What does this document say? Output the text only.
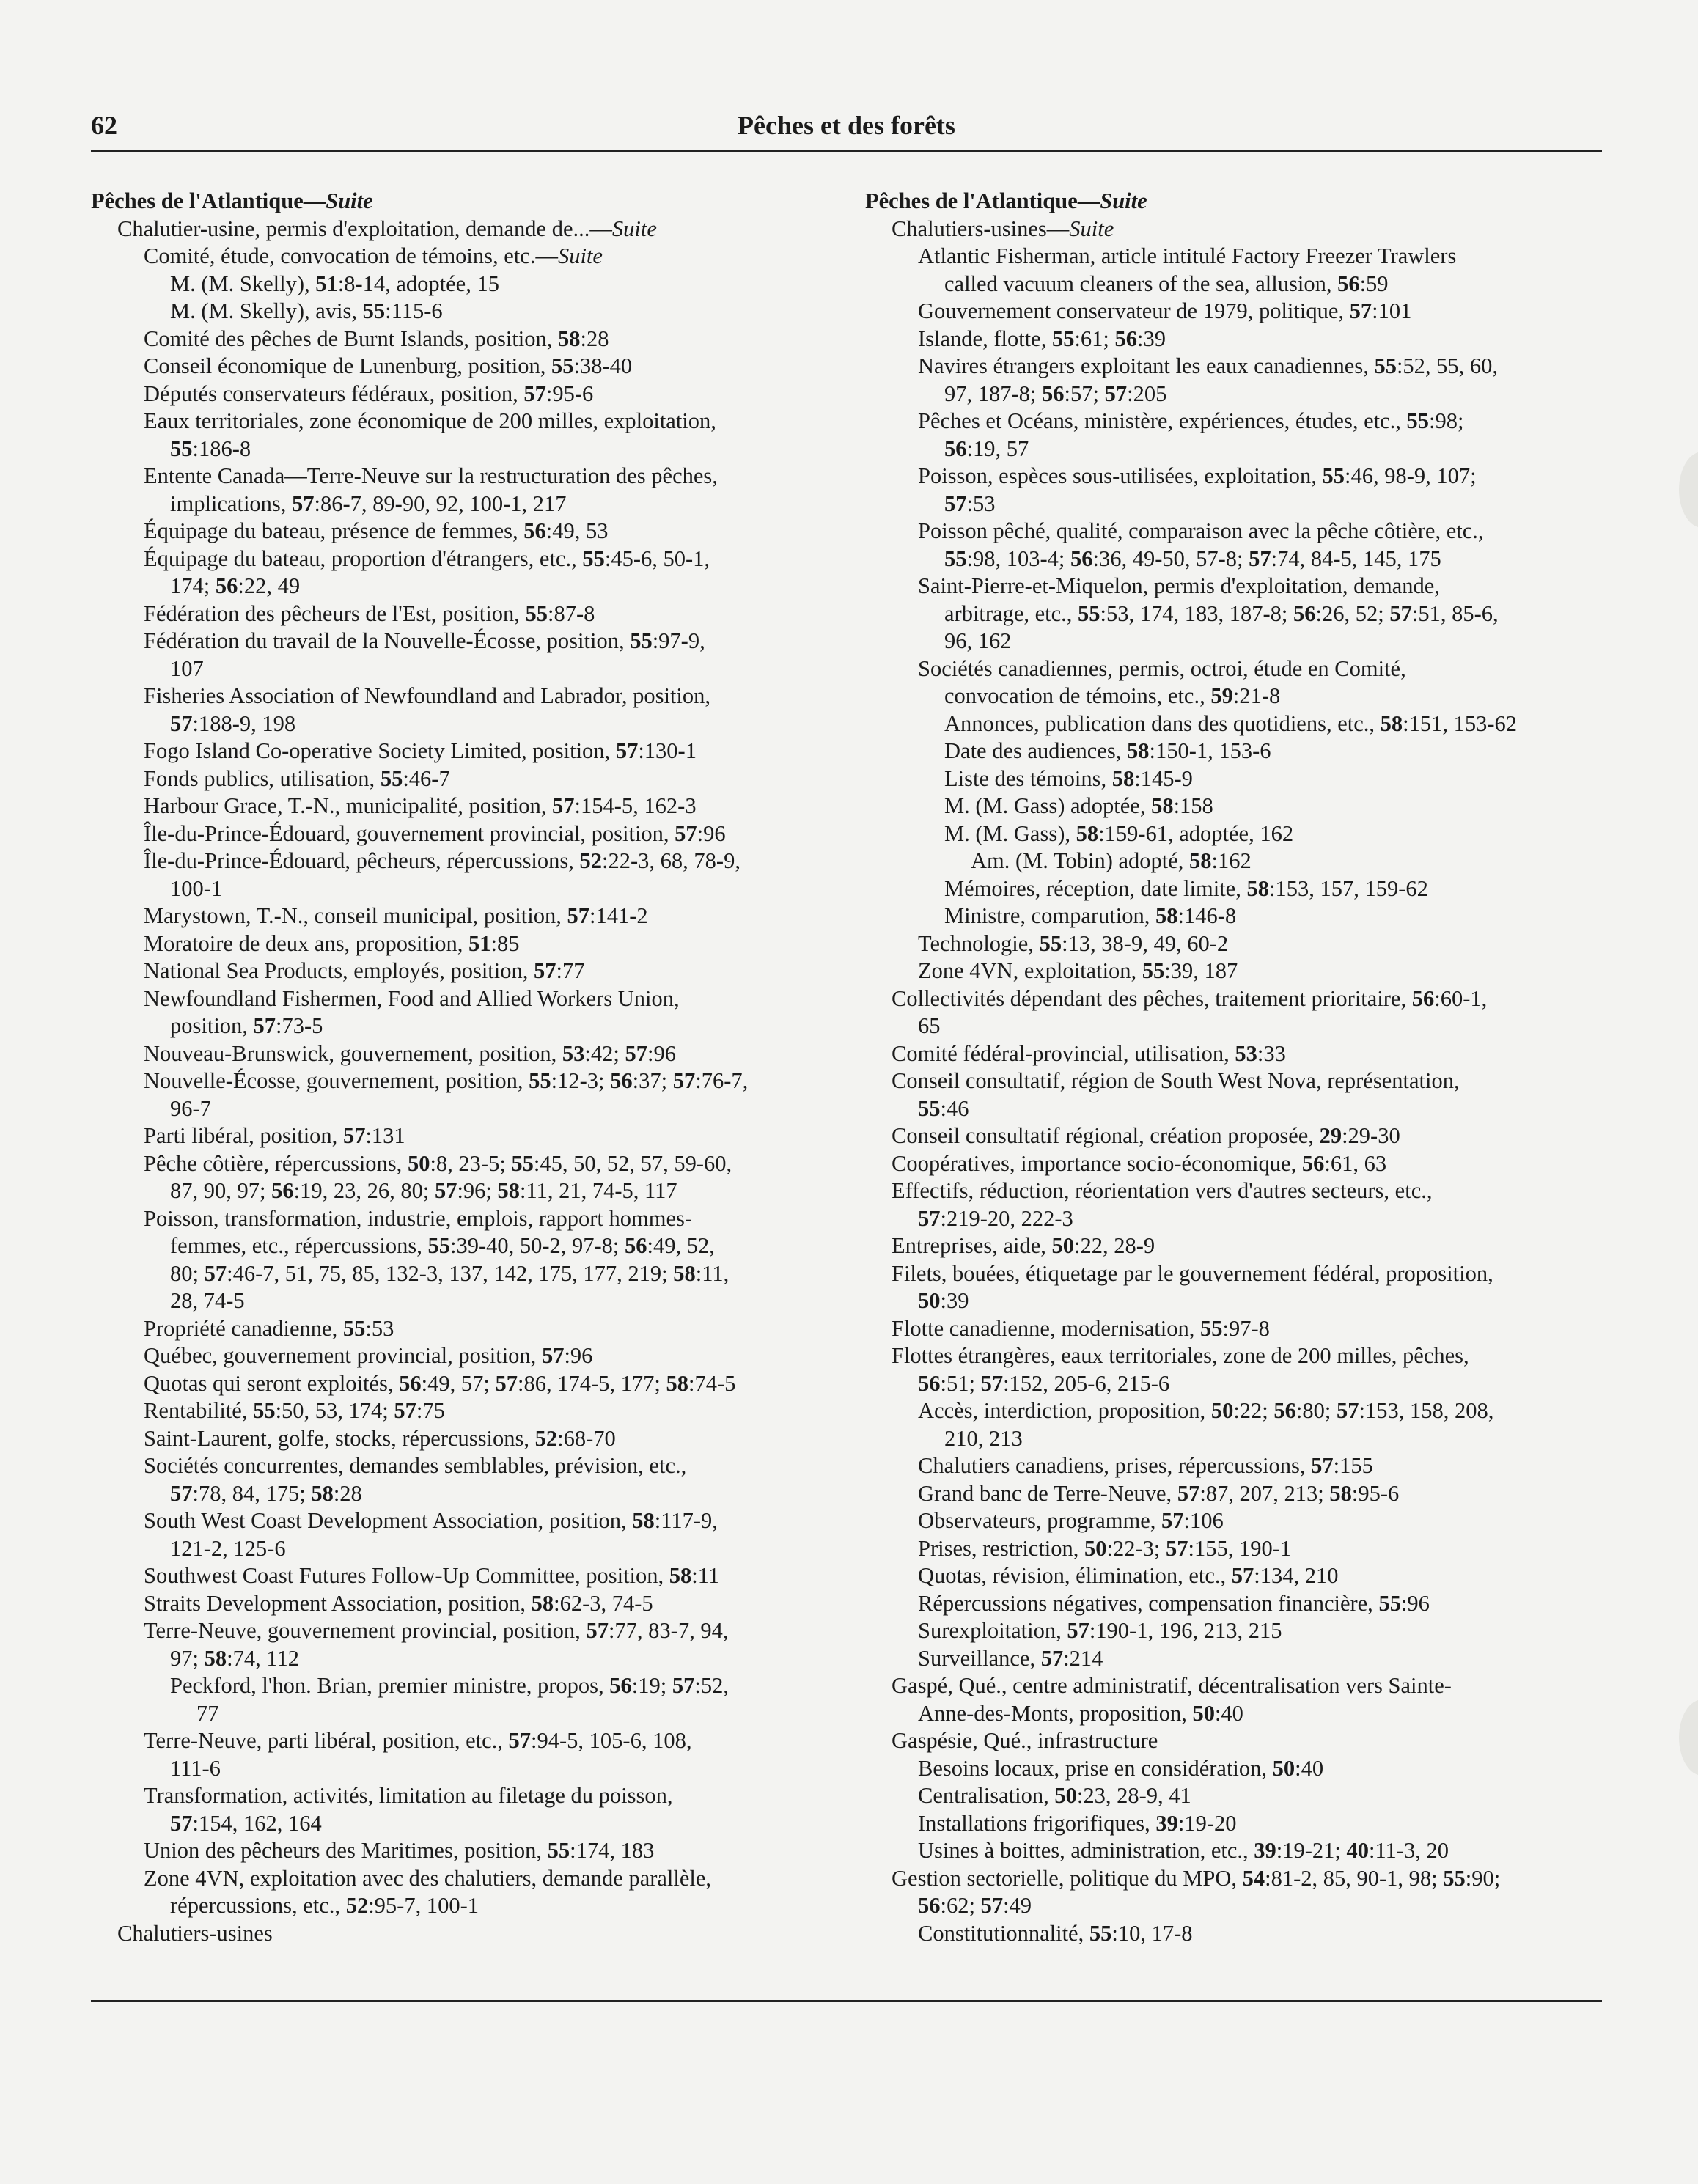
62	Pêches et des forêts
Pêches de l'Atlantique—Suite
Chalutier-usine, permis d'exploitation, demande de...—Suite
Comité, étude, convocation de témoins, etc.—Suite
M. (M. Skelly), 51:8-14, adoptée, 15
M. (M. Skelly), avis, 55:115-6
Comité des pêches de Burnt Islands, position, 58:28
Conseil économique de Lunenburg, position, 55:38-40
Députés conservateurs fédéraux, position, 57:95-6
Eaux territoriales, zone économique de 200 milles, exploitation,
55:186-8
Entente Canada—Terre-Neuve sur la restructuration des pêches,
implications, 57:86-7, 89-90, 92, 100-1, 217
Équipage du bateau, présence de femmes, 56:49, 53
Équipage du bateau, proportion d'étrangers, etc., 55:45-6, 50-1,
174; 56:22, 49
Fédération des pêcheurs de l'Est, position, 55:87-8
Fédération du travail de la Nouvelle-Écosse, position, 55:97-9,
107
Fisheries Association of Newfoundland and Labrador, position,
57:188-9, 198
Fogo Island Co-operative Society Limited, position, 57:130-1
Fonds publics, utilisation, 55:46-7
Harbour Grace, T.-N., municipalité, position, 57:154-5, 162-3
Île-du-Prince-Édouard, gouvernement provincial, position, 57:96
Île-du-Prince-Édouard, pêcheurs, répercussions, 52:22-3, 68, 78-9,
100-1
Marystown, T.-N., conseil municipal, position, 57:141-2
Moratoire de deux ans, proposition, 51:85
National Sea Products, employés, position, 57:77
Newfoundland Fishermen, Food and Allied Workers Union,
position, 57:73-5
Nouveau-Brunswick, gouvernement, position, 53:42; 57:96
Nouvelle-Écosse, gouvernement, position, 55:12-3; 56:37; 57:76-7,
96-7
Parti libéral, position, 57:131
Pêche côtière, répercussions, 50:8, 23-5; 55:45, 50, 52, 57, 59-60,
87, 90, 97; 56:19, 23, 26, 80; 57:96; 58:11, 21, 74-5, 117
Poisson, transformation, industrie, emplois, rapport hommes-
femmes, etc., répercussions, 55:39-40, 50-2, 97-8; 56:49, 52,
80; 57:46-7, 51, 75, 85, 132-3, 137, 142, 175, 177, 219; 58:11,
28, 74-5
Propriété canadienne, 55:53
Québec, gouvernement provincial, position, 57:96
Quotas qui seront exploités, 56:49, 57; 57:86, 174-5, 177; 58:74-5
Rentabilité, 55:50, 53, 174; 57:75
Saint-Laurent, golfe, stocks, répercussions, 52:68-70
Sociétés concurrentes, demandes semblables, prévision, etc.,
57:78, 84, 175; 58:28
South West Coast Development Association, position, 58:117-9,
121-2, 125-6
Southwest Coast Futures Follow-Up Committee, position, 58:11
Straits Development Association, position, 58:62-3, 74-5
Terre-Neuve, gouvernement provincial, position, 57:77, 83-7, 94,
97; 58:74, 112
Peckford, l'hon. Brian, premier ministre, propos, 56:19; 57:52,
77
Terre-Neuve, parti libéral, position, etc., 57:94-5, 105-6, 108,
111-6
Transformation, activités, limitation au filetage du poisson,
57:154, 162, 164
Union des pêcheurs des Maritimes, position, 55:174, 183
Zone 4VN, exploitation avec des chalutiers, demande parallèle,
répercussions, etc., 52:95-7, 100-1
Chalutiers-usines
Pêches de l'Atlantique—Suite
Chalutiers-usines—Suite
Atlantic Fisherman, article intitulé Factory Freezer Trawlers
called vacuum cleaners of the sea, allusion, 56:59
Gouvernement conservateur de 1979, politique, 57:101
Islande, flotte, 55:61; 56:39
Navires étrangers exploitant les eaux canadiennes, 55:52, 55, 60,
97, 187-8; 56:57; 57:205
Pêches et Océans, ministère, expériences, études, etc., 55:98;
56:19, 57
Poisson, espèces sous-utilisées, exploitation, 55:46, 98-9, 107;
57:53
Poisson pêché, qualité, comparaison avec la pêche côtière, etc.,
55:98, 103-4; 56:36, 49-50, 57-8; 57:74, 84-5, 145, 175
Saint-Pierre-et-Miquelon, permis d'exploitation, demande,
arbitrage, etc., 55:53, 174, 183, 187-8; 56:26, 52; 57:51, 85-6,
96, 162
Sociétés canadiennes, permis, octroi, étude en Comité,
convocation de témoins, etc., 59:21-8
Annonces, publication dans des quotidiens, etc., 58:151, 153-62
Date des audiences, 58:150-1, 153-6
Liste des témoins, 58:145-9
M. (M. Gass) adoptée, 58:158
M. (M. Gass), 58:159-61, adoptée, 162
Am. (M. Tobin) adopté, 58:162
Mémoires, réception, date limite, 58:153, 157, 159-62
Ministre, comparution, 58:146-8
Technologie, 55:13, 38-9, 49, 60-2
Zone 4VN, exploitation, 55:39, 187
Collectivités dépendant des pêches, traitement prioritaire, 56:60-1,
65
Comité fédéral-provincial, utilisation, 53:33
Conseil consultatif, région de South West Nova, représentation,
55:46
Conseil consultatif régional, création proposée, 29:29-30
Coopératives, importance socio-économique, 56:61, 63
Effectifs, réduction, réorientation vers d'autres secteurs, etc.,
57:219-20, 222-3
Entreprises, aide, 50:22, 28-9
Filets, bouées, étiquetage par le gouvernement fédéral, proposition,
50:39
Flotte canadienne, modernisation, 55:97-8
Flottes étrangères, eaux territoriales, zone de 200 milles, pêches,
56:51; 57:152, 205-6, 215-6
Accès, interdiction, proposition, 50:22; 56:80; 57:153, 158, 208,
210, 213
Chalutiers canadiens, prises, répercussions, 57:155
Grand banc de Terre-Neuve, 57:87, 207, 213; 58:95-6
Observateurs, programme, 57:106
Prises, restriction, 50:22-3; 57:155, 190-1
Quotas, révision, élimination, etc., 57:134, 210
Répercussions négatives, compensation financière, 55:96
Surexploitation, 57:190-1, 196, 213, 215
Surveillance, 57:214
Gaspé, Qué., centre administratif, décentralisation vers Sainte-
Anne-des-Monts, proposition, 50:40
Gaspésie, Qué., infrastructure
Besoins locaux, prise en considération, 50:40
Centralisation, 50:23, 28-9, 41
Installations frigorifiques, 39:19-20
Usines à boittes, administration, etc., 39:19-21; 40:11-3, 20
Gestion sectorielle, politique du MPO, 54:81-2, 85, 90-1, 98; 55:90;
56:62; 57:49
Constitutionnalité, 55:10, 17-8
